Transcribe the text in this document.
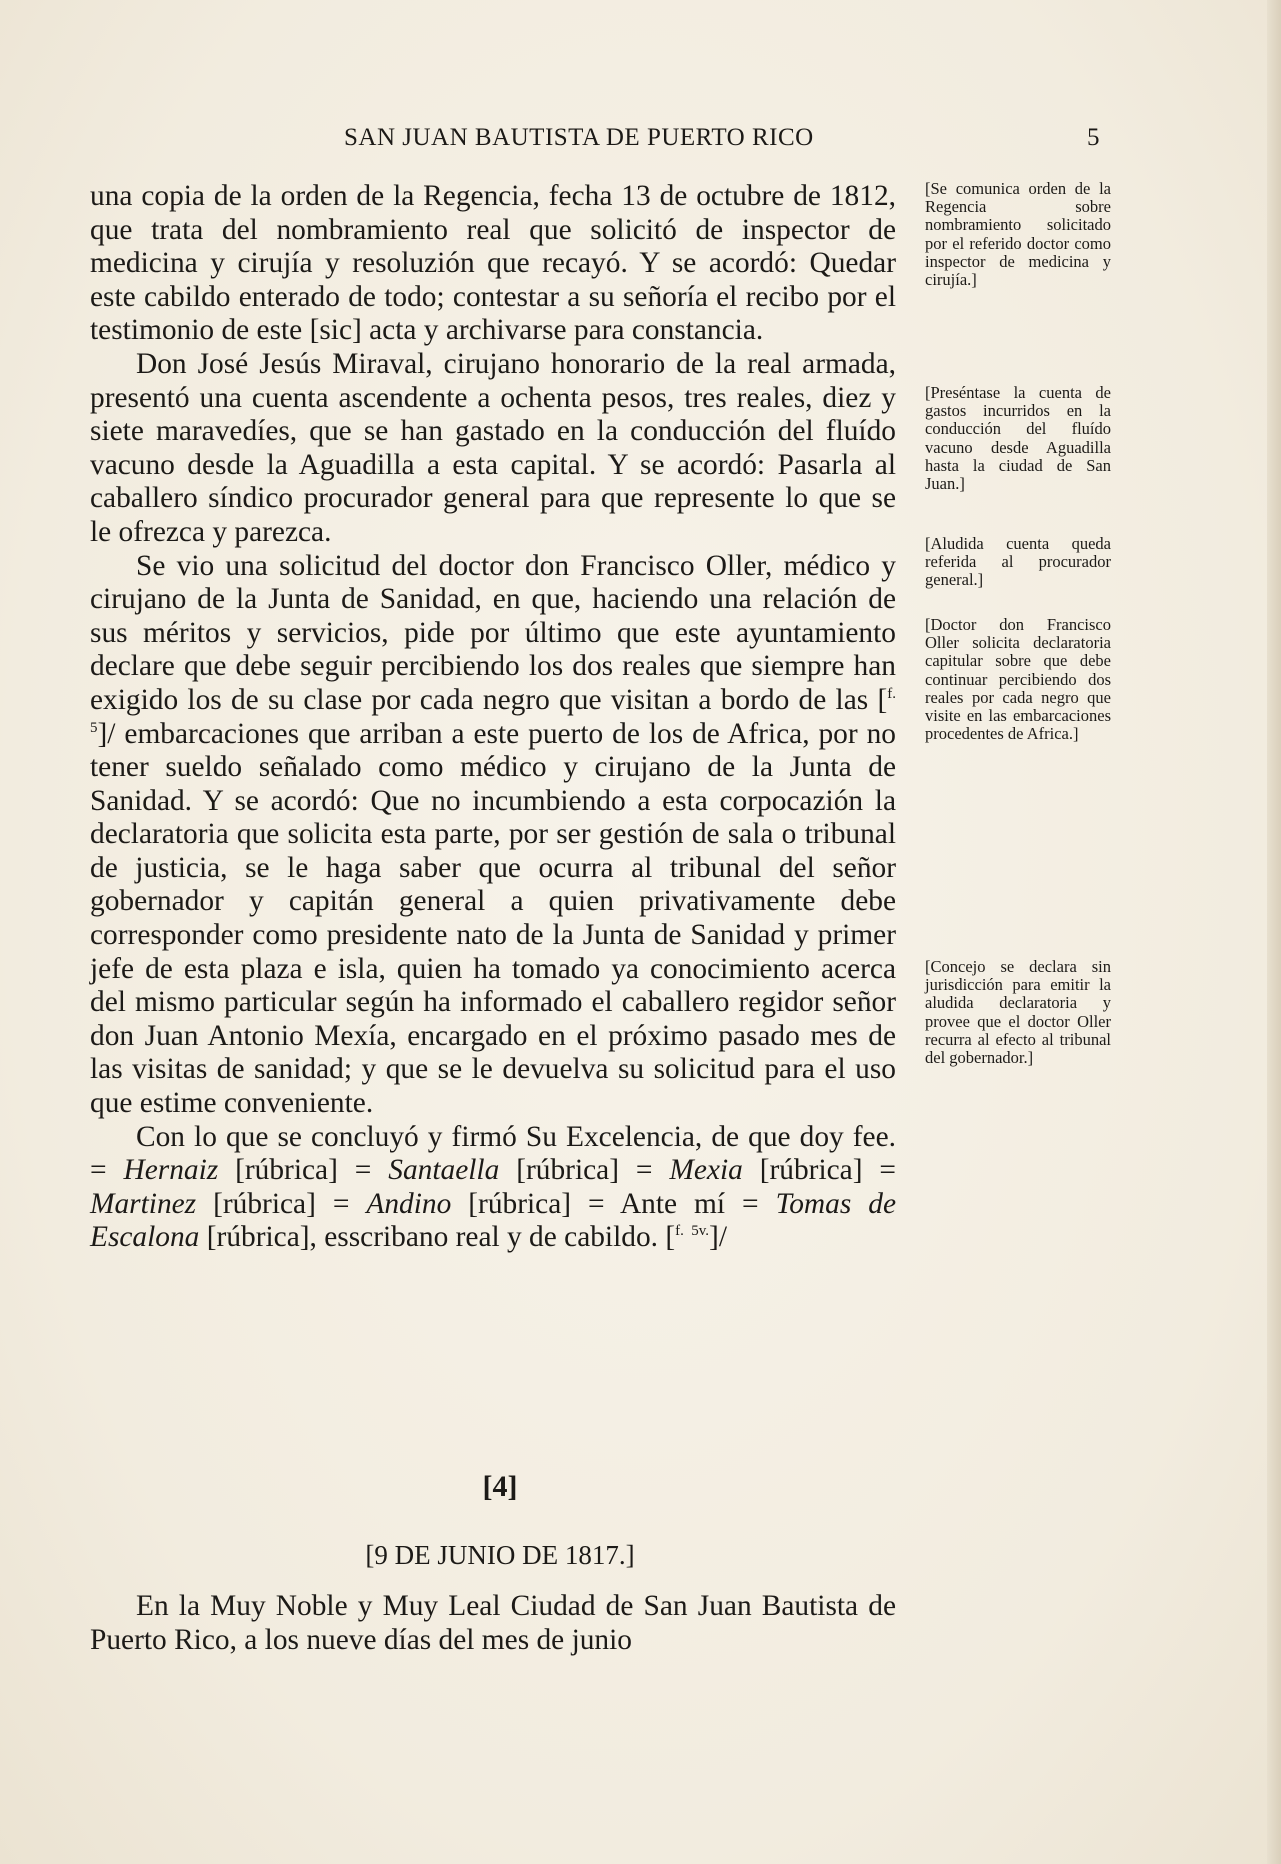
SAN JUAN BAUTISTA DE PUERTO RICO	5

una copia de la orden de la Regencia, fecha 13 de octubre de 1812, que trata del nombramiento real que solicitó de inspector de medicina y cirujía y resoluzión que recayó. Y se acordó: Quedar este cabildo enterado de todo; contestar a su señoría el recibo por el testimonio de este [sic] acta y archivarse para constancia.

Don José Jesús Miraval, cirujano honorario de la real armada, presentó una cuenta ascendente a ochenta pesos, tres reales, diez y siete maravedíes, que se han gastado en la conducción del fluído vacuno desde la Aguadilla a esta capital. Y se acordó: Pasarla al caballero síndico procurador general para que represente lo que se le ofrezca y parezca.

Se vio una solicitud del doctor don Francisco Oller, médico y cirujano de la Junta de Sanidad, en que, haciendo una relación de sus méritos y servicios, pide por último que este ayuntamiento declare que debe seguir percibiendo los dos reales que siempre han exigido los de su clase por cada negro que visitan a bordo de las [$^{f.}$ $^5$]/ embarcaciones que arriban a este puerto de los de Africa, por no tener sueldo señalado como médico y cirujano de la Junta de Sanidad. Y se acordó: Que no incumbiendo a esta corpocazión la declaratoria que solicita esta parte, por ser gestión de sala o tribunal de justicia, se le haga saber que ocurra al tribunal del señor gobernador y capitán general a quien privativamente debe corresponder como presidente nato de la Junta de Sanidad y primer jefe de esta plaza e isla, quien ha tomado ya conocimiento acerca del mismo particular según ha informado el caballero regidor señor don Juan Antonio Mexía, encargado en el próximo pasado mes de las visitas de sanidad; y que se le devuelva su solicitud para el uso que estime conveniente.

Con lo que se concluyó y firmó Su Excelencia, de que doy fee. = Hernaiz [rúbrica] = Santaella [rúbrica] = Mexia [rúbrica] = Martinez [rúbrica] = Andino [rúbrica] = Ante mí = Tomas de Escalona [rúbrica], esscribano real y de cabildo. [$^{f.}$ $^{5v.}$]/

[4]
[9 DE JUNIO DE 1817.]

En la Muy Noble y Muy Leal Ciudad de San Juan Bautista de Puerto Rico, a los nueve días del mes de junio

[Se comunica orden de la Regencia sobre nombramiento solicitado por el referido doctor como inspector de medicina y cirujía.]
[Preséntase la cuenta de gastos incurridos en la conducción del fluído vacuno desde Aguadilla hasta la ciudad de San Juan.]
[Aludida cuenta queda referida al procurador general.]
[Doctor don Francisco Oller solicita declaratoria capitular sobre que debe continuar percibiendo dos reales por cada negro que visite en las embarcaciones procedentes de Africa.]
[Concejo se declara sin jurisdicción para emitir la aludida declaratoria y provee que el doctor Oller recurra al efecto al tribunal del gobernador.]
